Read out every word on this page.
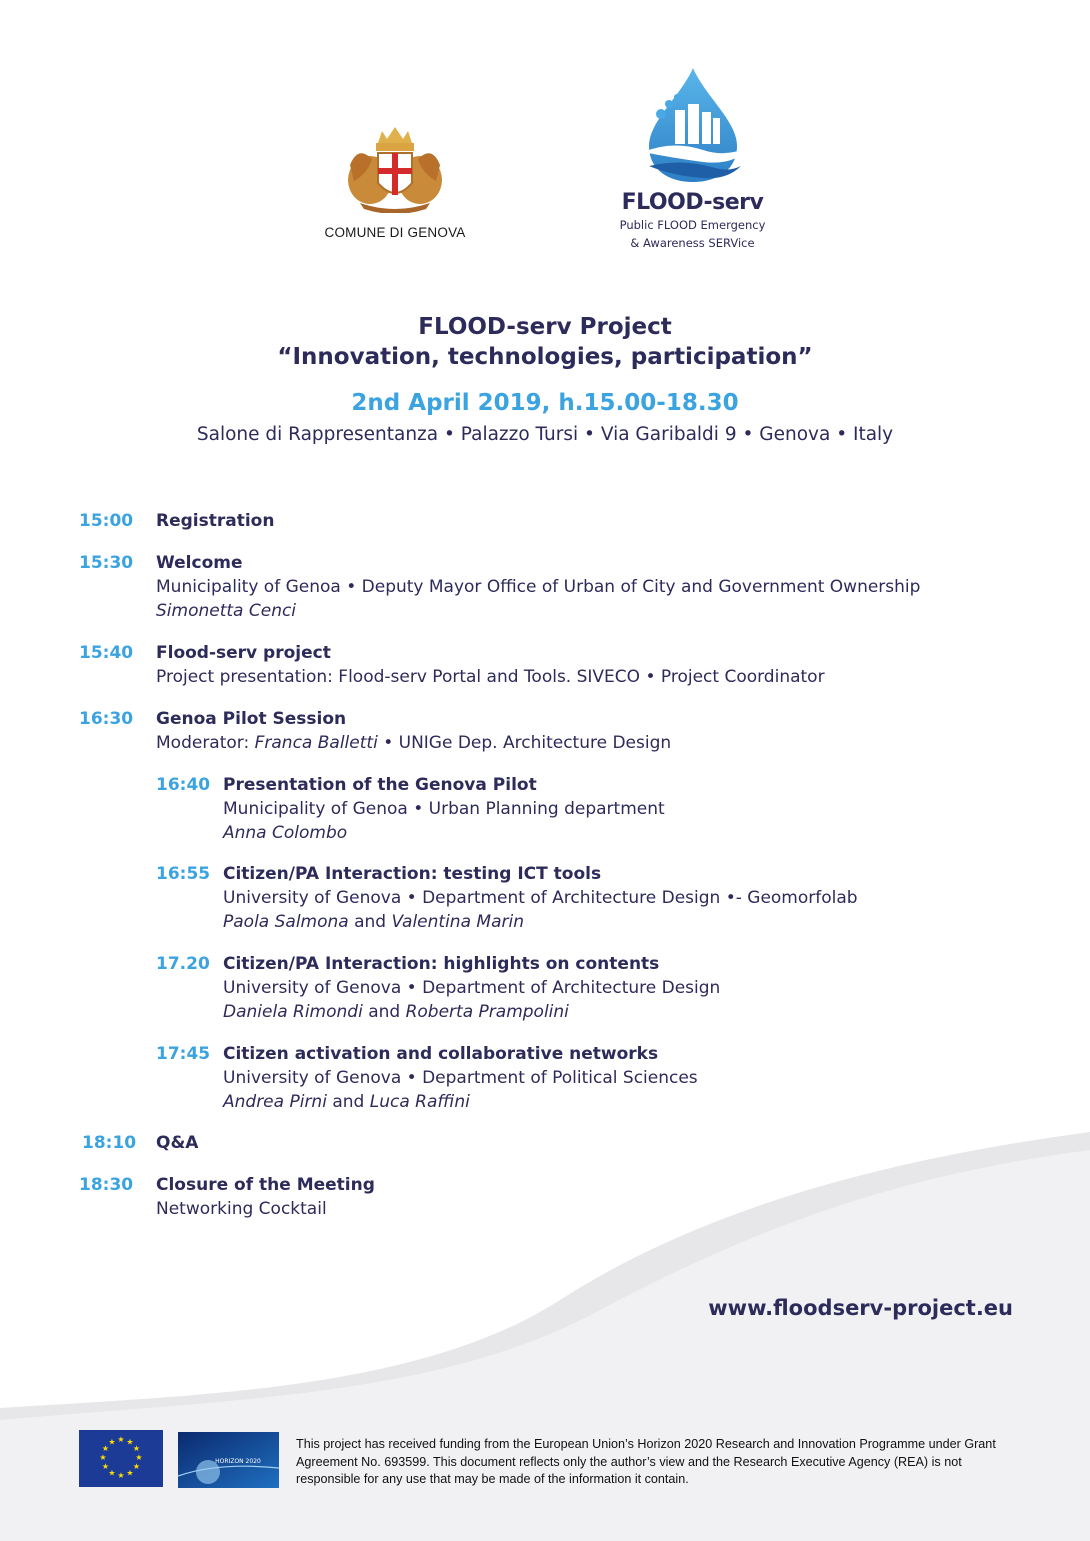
COMUNE DI GENOVA
FLOOD-serv
Public FLOOD Emergency
& Awareness SERVice
FLOOD-serv Project
“Innovation, technologies, participation”
2nd April 2019, h.15.00-18.30
Salone di Rappresentanza • Palazzo Tursi • Via Garibaldi 9 • Genova • Italy
15:00 Registration
15:30 Welcome
Municipality of Genoa • Deputy Mayor Office of Urban of City and Government Ownership
Simonetta Cenci
15:40 Flood-serv project
Project presentation: Flood-serv Portal and Tools. SIVECO • Project Coordinator
16:30 Genoa Pilot Session
Moderator: Franca Balletti • UNIGe Dep. Architecture Design
16:40 Presentation of the Genova Pilot
Municipality of Genoa • Urban Planning department
Anna Colombo
16:55 Citizen/PA Interaction: testing ICT tools
University of Genova • Department of Architecture Design •- Geomorfolab
Paola Salmona and Valentina Marin
17.20 Citizen/PA Interaction: highlights on contents
University of Genova • Department of Architecture Design
Daniela Rimondi and Roberta Prampolini
17:45 Citizen activation and collaborative networks
University of Genova • Department of Political Sciences
Andrea Pirni and Luca Raffini
18:10 Q&A
18:30 Closure of the Meeting
Networking Cocktail
www.floodserv-project.eu
★ ★
★
★
★
★
★
★
★
★
★
★
HORIZON 2020
This project has received funding from the European Union’s Horizon 2020 Research and Innovation Programme under Grant Agreement No. 693599. This document reflects only the author’s view and the Research Executive Agency (REA) is not responsible for any use that may be made of the information it contain.
